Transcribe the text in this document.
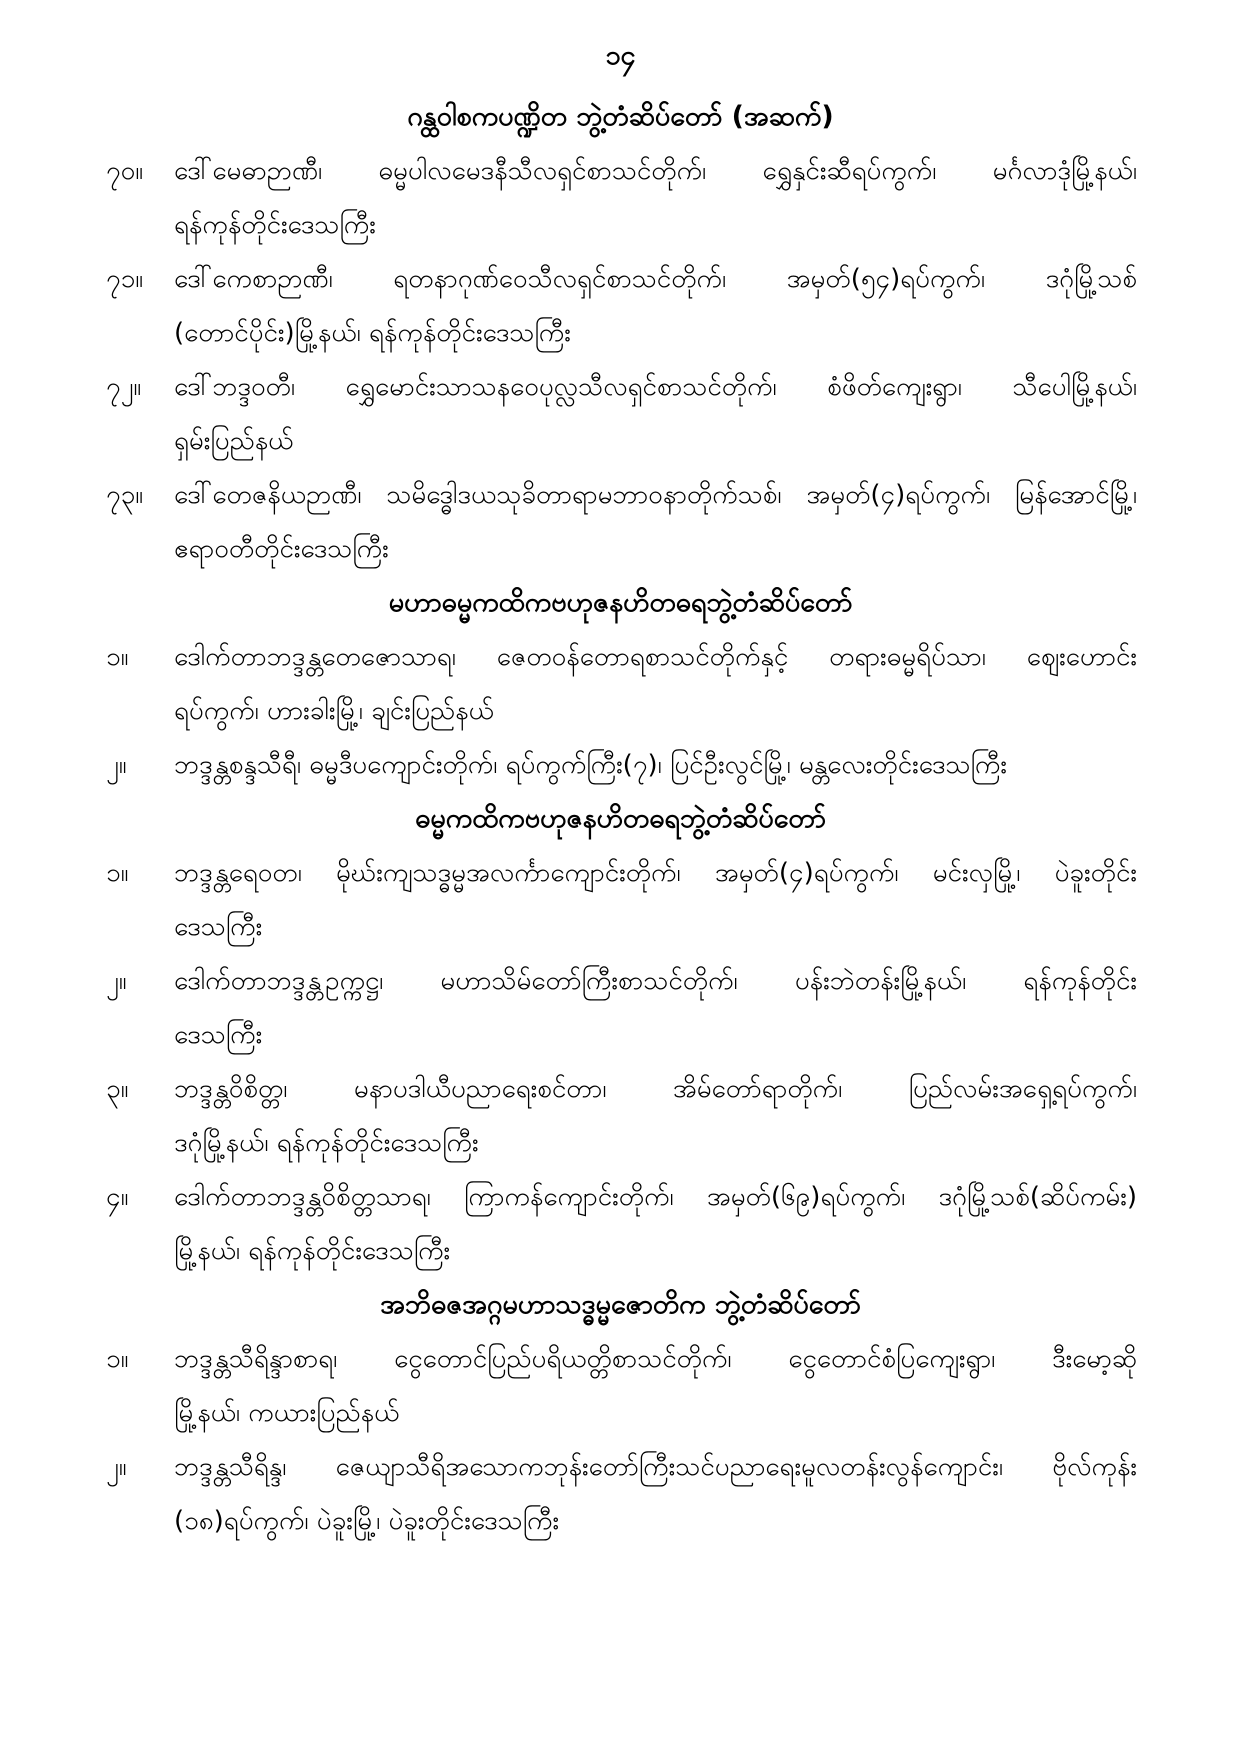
၁၄
ဂန္ထဝါစကပဏ္ဍိတ ဘွဲ့တံဆိပ်တော် (အဆက်)
၇၀။	ဒေါ်မေဓာဉာဏီ၊ ဓမ္မပါလမေဒနီသီလရှင်စာသင်တိုက်၊ ရွှေနှင်းဆီရပ်ကွက်၊ မင်္ဂလာဒုံမြို့နယ်၊
ရန်ကုန်တိုင်းဒေသကြီး
၇၁။	ဒေါ်ကေစာဉာဏီ၊ ရတနာဂုဏ်ဝေသီလရှင်စာသင်တိုက်၊ အမှတ်(၅၄)ရပ်ကွက်၊ ဒဂုံမြို့သစ်
(တောင်ပိုင်း)မြို့နယ်၊ ရန်ကုန်တိုင်းဒေသကြီး
၇၂။	ဒေါ်ဘဒ္ဒဝတီ၊ ရွှေမောင်းသာသနဝေပုလ္လသီလရှင်စာသင်တိုက်၊ စံဖိတ်ကျေးရွာ၊ သီပေါမြို့နယ်၊
ရှမ်းပြည်နယ်
၇၃။	ဒေါ်တေဇနိယဉာဏီ၊ သမိဒ္ဓေါဒယသုခိတာရာမဘာဝနာတိုက်သစ်၊ အမှတ်(၄)ရပ်ကွက်၊ မြန်အောင်မြို့၊
ဧရာဝတီတိုင်းဒေသကြီး
မဟာဓမ္မကထိကဗဟုဇနဟိတဓရဘွဲ့တံဆိပ်တော်
၁။	ဒေါက်တာဘဒ္ဒန္တတေဇောသာရ၊ ဇေတဝန်တောရစာသင်တိုက်နှင့် တရားဓမ္မရိပ်သာ၊ ဈေးဟောင်း
ရပ်ကွက်၊ ဟားခါးမြို့၊ ချင်းပြည်နယ်
၂။	ဘဒ္ဒန္တစန္ဒသီရီ၊ ဓမ္မဒီပကျောင်းတိုက်၊ ရပ်ကွက်ကြီး(၇)၊ ပြင်ဦးလွင်မြို့၊ မန္တလေးတိုင်းဒေသကြီး
ဓမ္မကထိကဗဟုဇနဟိတဓရဘွဲ့တံဆိပ်တော်
၁။	ဘဒ္ဒန္တရေဝတ၊ မိုဃ်းကျသဒ္ဓမ္မအလင်္ကာကျောင်းတိုက်၊ အမှတ်(၄)ရပ်ကွက်၊ မင်းလှမြို့၊ ပဲခူးတိုင်း
ဒေသကြီး
၂။	ဒေါက်တာဘဒ္ဒန္တဥက္ကဋ္ဌ၊ မဟာသိမ်တော်ကြီးစာသင်တိုက်၊ ပန်းဘဲတန်းမြို့နယ်၊ ရန်ကုန်တိုင်း
ဒေသကြီး
၃။	ဘဒ္ဒန္တဝိစိတ္တ၊ မနာပဒါယီပညာရေးစင်တာ၊ အိမ်တော်ရာတိုက်၊ ပြည်လမ်းအရှေ့ရပ်ကွက်၊
ဒဂုံမြို့နယ်၊ ရန်ကုန်တိုင်းဒေသကြီး
၄။	ဒေါက်တာဘဒ္ဒန္တဝိစိတ္တသာရ၊ ကြာကန်ကျောင်းတိုက်၊ အမှတ်(၆၉)ရပ်ကွက်၊ ဒဂုံမြို့သစ်(ဆိပ်ကမ်း)
မြို့နယ်၊ ရန်ကုန်တိုင်းဒေသကြီး
အဘိဓဇအဂ္ဂမဟာသဒ္ဓမ္မဇောတိက ဘွဲ့တံဆိပ်တော်
၁။	ဘဒ္ဒန္တသီရိန္ဒာစာရ၊ ငွေတောင်ပြည်ပရိယတ္တိစာသင်တိုက်၊ ငွေတောင်စံပြကျေးရွာ၊ ဒီးမော့ဆို
မြို့နယ်၊ ကယားပြည်နယ်
၂။	ဘဒ္ဒန္တသီရိန္ဒ၊ ဇေယျာသီရိအသောကဘုန်းတော်ကြီးသင်ပညာရေးမူလတန်းလွန်ကျောင်း၊ ဗိုလ်ကုန်း
(၁၈)ရပ်ကွက်၊ ပဲခူးမြို့၊ ပဲခူးတိုင်းဒေသကြီး
